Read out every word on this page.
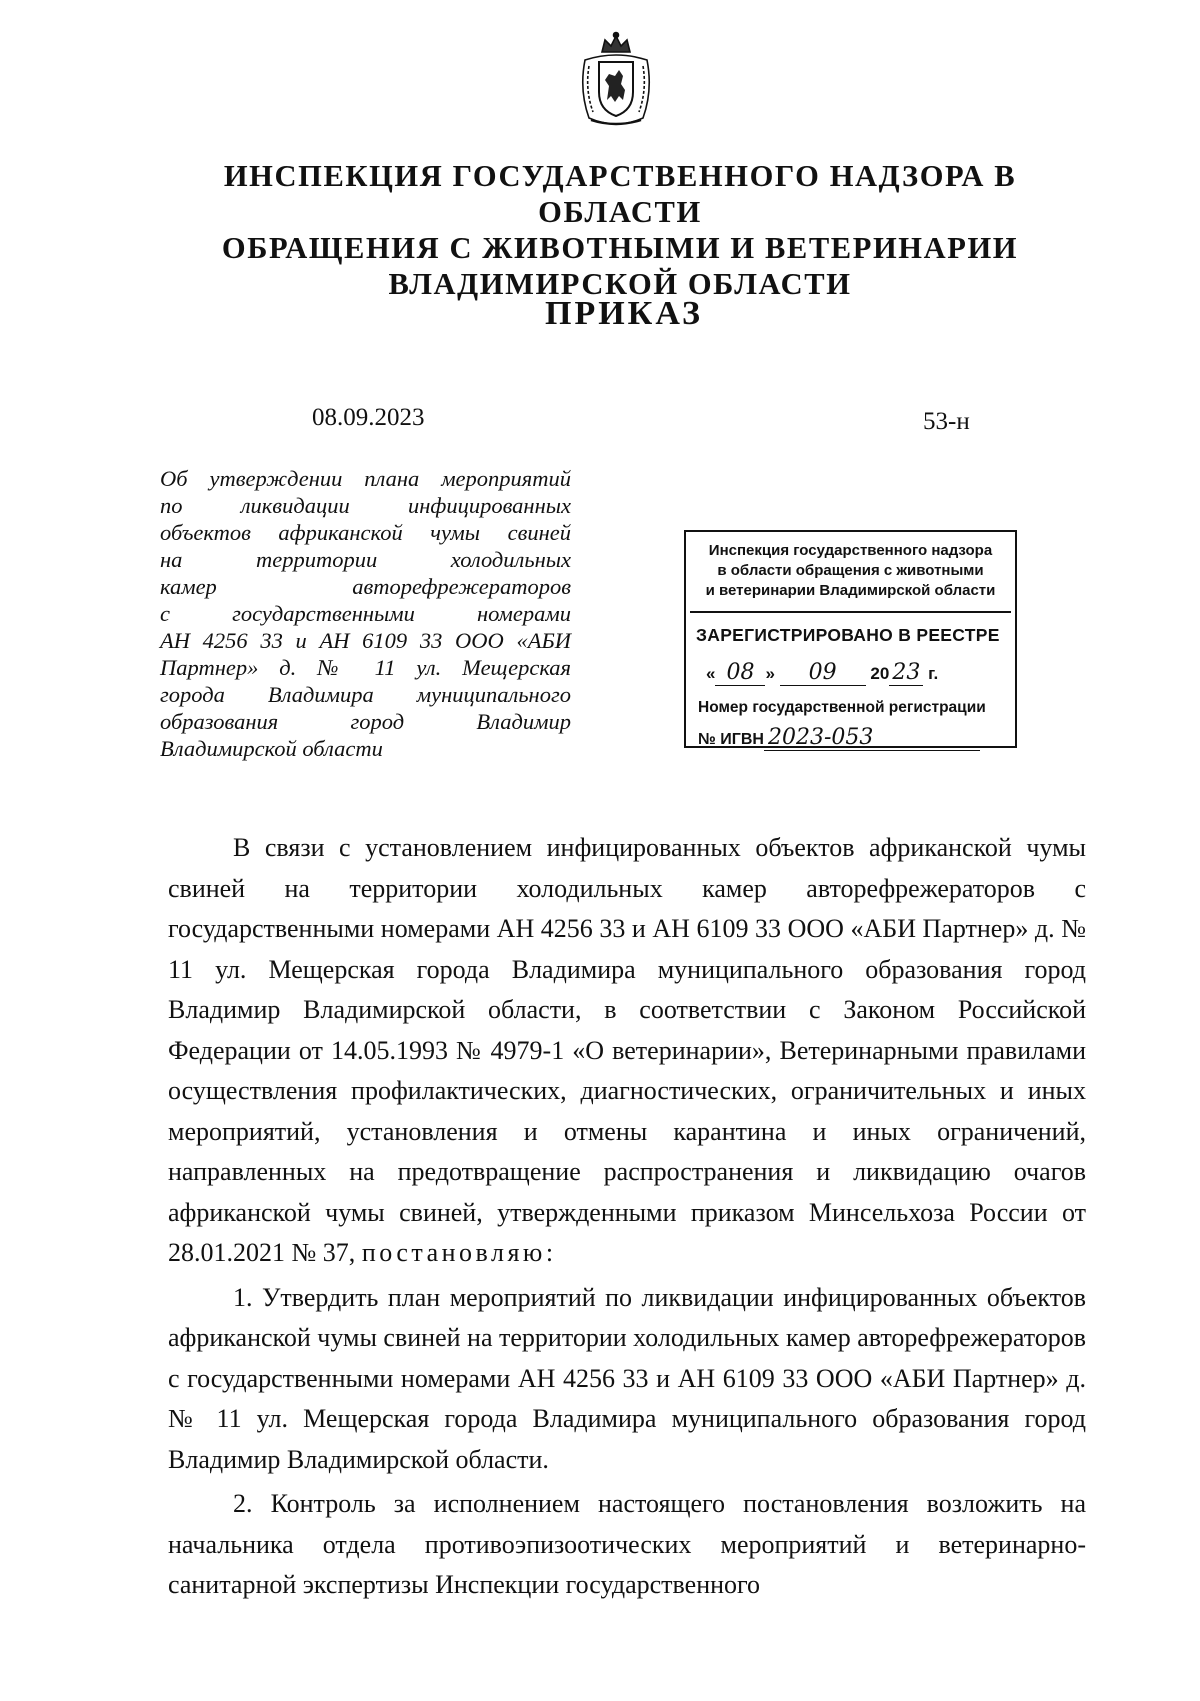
ИНСПЕКЦИЯ ГОСУДАРСТВЕННОГО НАДЗОРА В ОБЛАСТИ
ОБРАЩЕНИЯ С ЖИВОТНЫМИ И ВЕТЕРИНАРИИ
ВЛАДИМИРСКОЙ ОБЛАСТИ
ПРИКАЗ
08.09.2023	53-н
Об утверждении плана мероприятий
по ликвидации инфицированных
объектов африканской чумы свиней
на территории холодильных
камер авторефрежераторов
с государственными номерами
АН 4256 33 и АН 6109 33 ООО «АБИ
Партнер» д. № 11 ул. Мещерская
города Владимира муниципального
образования город Владимир
Владимирской области
Инспекция государственного надзора
в области обращения с животными
и ветеринарии Владимирской области
ЗАРЕГИСТРИРОВАНО В РЕЕСТРЕ
« 08 » 09 20 23 г.
Номер государственной регистрации
№ ИГВН 2023-053

В связи с установлением инфицированных объектов африканской чумы свиней на территории холодильных камер авторефрежераторов с государственными номерами АН 4256 33 и АН 6109 33 ООО «АБИ Партнер» д. № 11 ул. Мещерская города Владимира муниципального образования город Владимир Владимирской области, в соответствии с Законом Российской Федерации от 14.05.1993 № 4979-1 «О ветеринарии», Ветеринарными правилами осуществления профилактических, диагностических, ограничительных и иных мероприятий, установления и отмены карантина и иных ограничений, направленных на предотвращение распространения и ликвидацию очагов африканской чумы свиней, утвержденными приказом Минсельхоза России от 28.01.2021 № 37, постановляю:

1. Утвердить план мероприятий по ликвидации инфицированных объектов африканской чумы свиней на территории холодильных камер авторефрежераторов с государственными номерами АН 4256 33 и АН 6109 33 ООО «АБИ Партнер» д. № 11 ул. Мещерская города Владимира муниципального образования город Владимир Владимирской области.

2. Контроль за исполнением настоящего постановления возложить на начальника отдела противоэпизоотических мероприятий и ветеринарно-санитарной экспертизы Инспекции государственного
